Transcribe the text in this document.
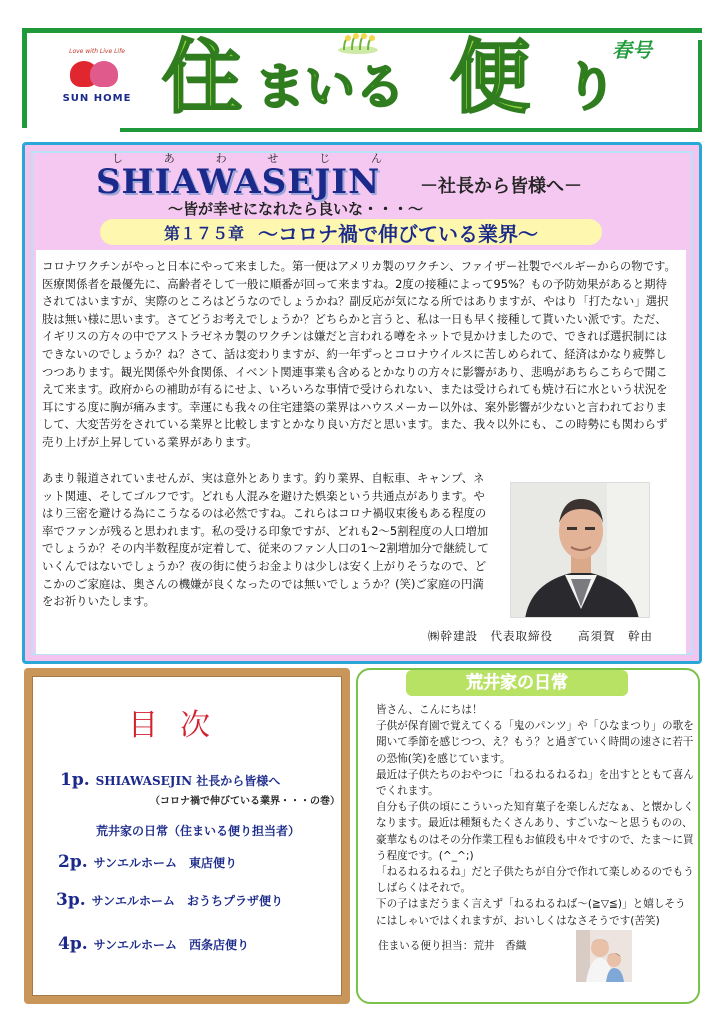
Love with Live Life
SUN HOME 住 まいる 便 り
春号
し	あ	わ	せ	じ	ん
SHIAWASEJIN －社長から皆様へ－
～皆が幸せになれたら良いな・・・～
第１７５章 ～コロナ禍で伸びている業界～
コロナワクチンがやっと日本にやって来ました。第一便はアメリカ製のワクチン、ファイザー社製でベルギーからの物です。医療関係者を最優先に、高齢者そして一般に順番が回って来ますね。2度の接種によって95%？もの予防効果があると期待されてはいますが、実際のところはどうなのでしょうかね？副反応が気になる所ではありますが、やはり「打たない」選択肢は無い様に思います。さてどうお考えでしょうか？どちらかと言うと、私は一日も早く接種して貰いたい派です。ただ、イギリスの方々の中でアストラゼネカ製のワクチンは嫌だと言われる噂をネットで見かけましたので、できれば選択制にはできないのでしょうか？ね？さて、話は変わりますが、約一年ずっとコロナウイルスに苦しめられて、経済はかなり疲弊しつつあります。観光関係や外食関係、イベント関連事業も含めるとかなりの方々に影響があり、悲鳴があちらこちらで聞こえて来ます。政府からの補助が有るにせよ、いろいろな事情で受けられない、または受けられても焼け石に水という状況を耳にする度に胸が痛みます。幸運にも我々の住宅建築の業界はハウスメーカー以外は、案外影響が少ないと言われておりまして、大変苦労をされている業界と比較しますとかなり良い方だと思います。また、我々以外にも、この時勢にも関わらず売り上げが上昇している業界があります。
あまり報道されていませんが、実は意外とあります。釣り業界、自転車、キャンプ、ネット関連、そしてゴルフです。どれも人混みを避けた娯楽という共通点があります。やはり三密を避ける為にこうなるのは必然ですね。これらはコロナ禍収束後もある程度の率でファンが残ると思われます。私の受ける印象ですが、どれも2～5割程度の人口増加でしょうか？その内半数程度が定着して、従来のファン人口の1～2割増加分で継続していくんではないでしょうか？夜の街に使うお金よりは少しは安く上がりそうなので、どこかのご家庭は、奥さんの機嫌が良くなったのでは無いでしょうか？(笑)ご家庭の円満をお祈りいたします。
㈱幹建設　代表取締役　　高須賀　幹由
目次
1p. SHIAWASEJIN 社長から皆様へ
（コロナ禍で伸びている業界・・・の巻）
荒井家の日常（住まいる便り担当者）
2p. サンエルホーム　東店便り
3p. サンエルホーム　おうちプラザ便り
4p. サンエルホーム　西条店便り
荒井家の日常
皆さん、こんにちは！
子供が保育園で覚えてくる「鬼のパンツ」や「ひなまつり」の歌を聞いて季節を感じつつ、え？もう？と過ぎていく時間の速さに若干の恐怖(笑)を感じています。
最近は子供たちのおやつに「ねるねるねるね」を出すとともて喜んでくれます。
自分も子供の頃にこういった知育菓子を楽しんだなぁ、と懐かしくなります。最近は種類もたくさんあり、すごいな～と思うものの、豪華なものはその分作業工程もお値段も中々ですので、たま～に買う程度です。(^_^;)
「ねるねるねるね」だと子供たちが自分で作れて楽しめるのでもうしばらくはそれで。
下の子はまだうまく言えず「ねるねるねば～(≧▽≦)」と嬉しそうにはしゃいではくれますが、おいしくはなさそうです(苦笑)
住まいる便り担当：荒井　香織
